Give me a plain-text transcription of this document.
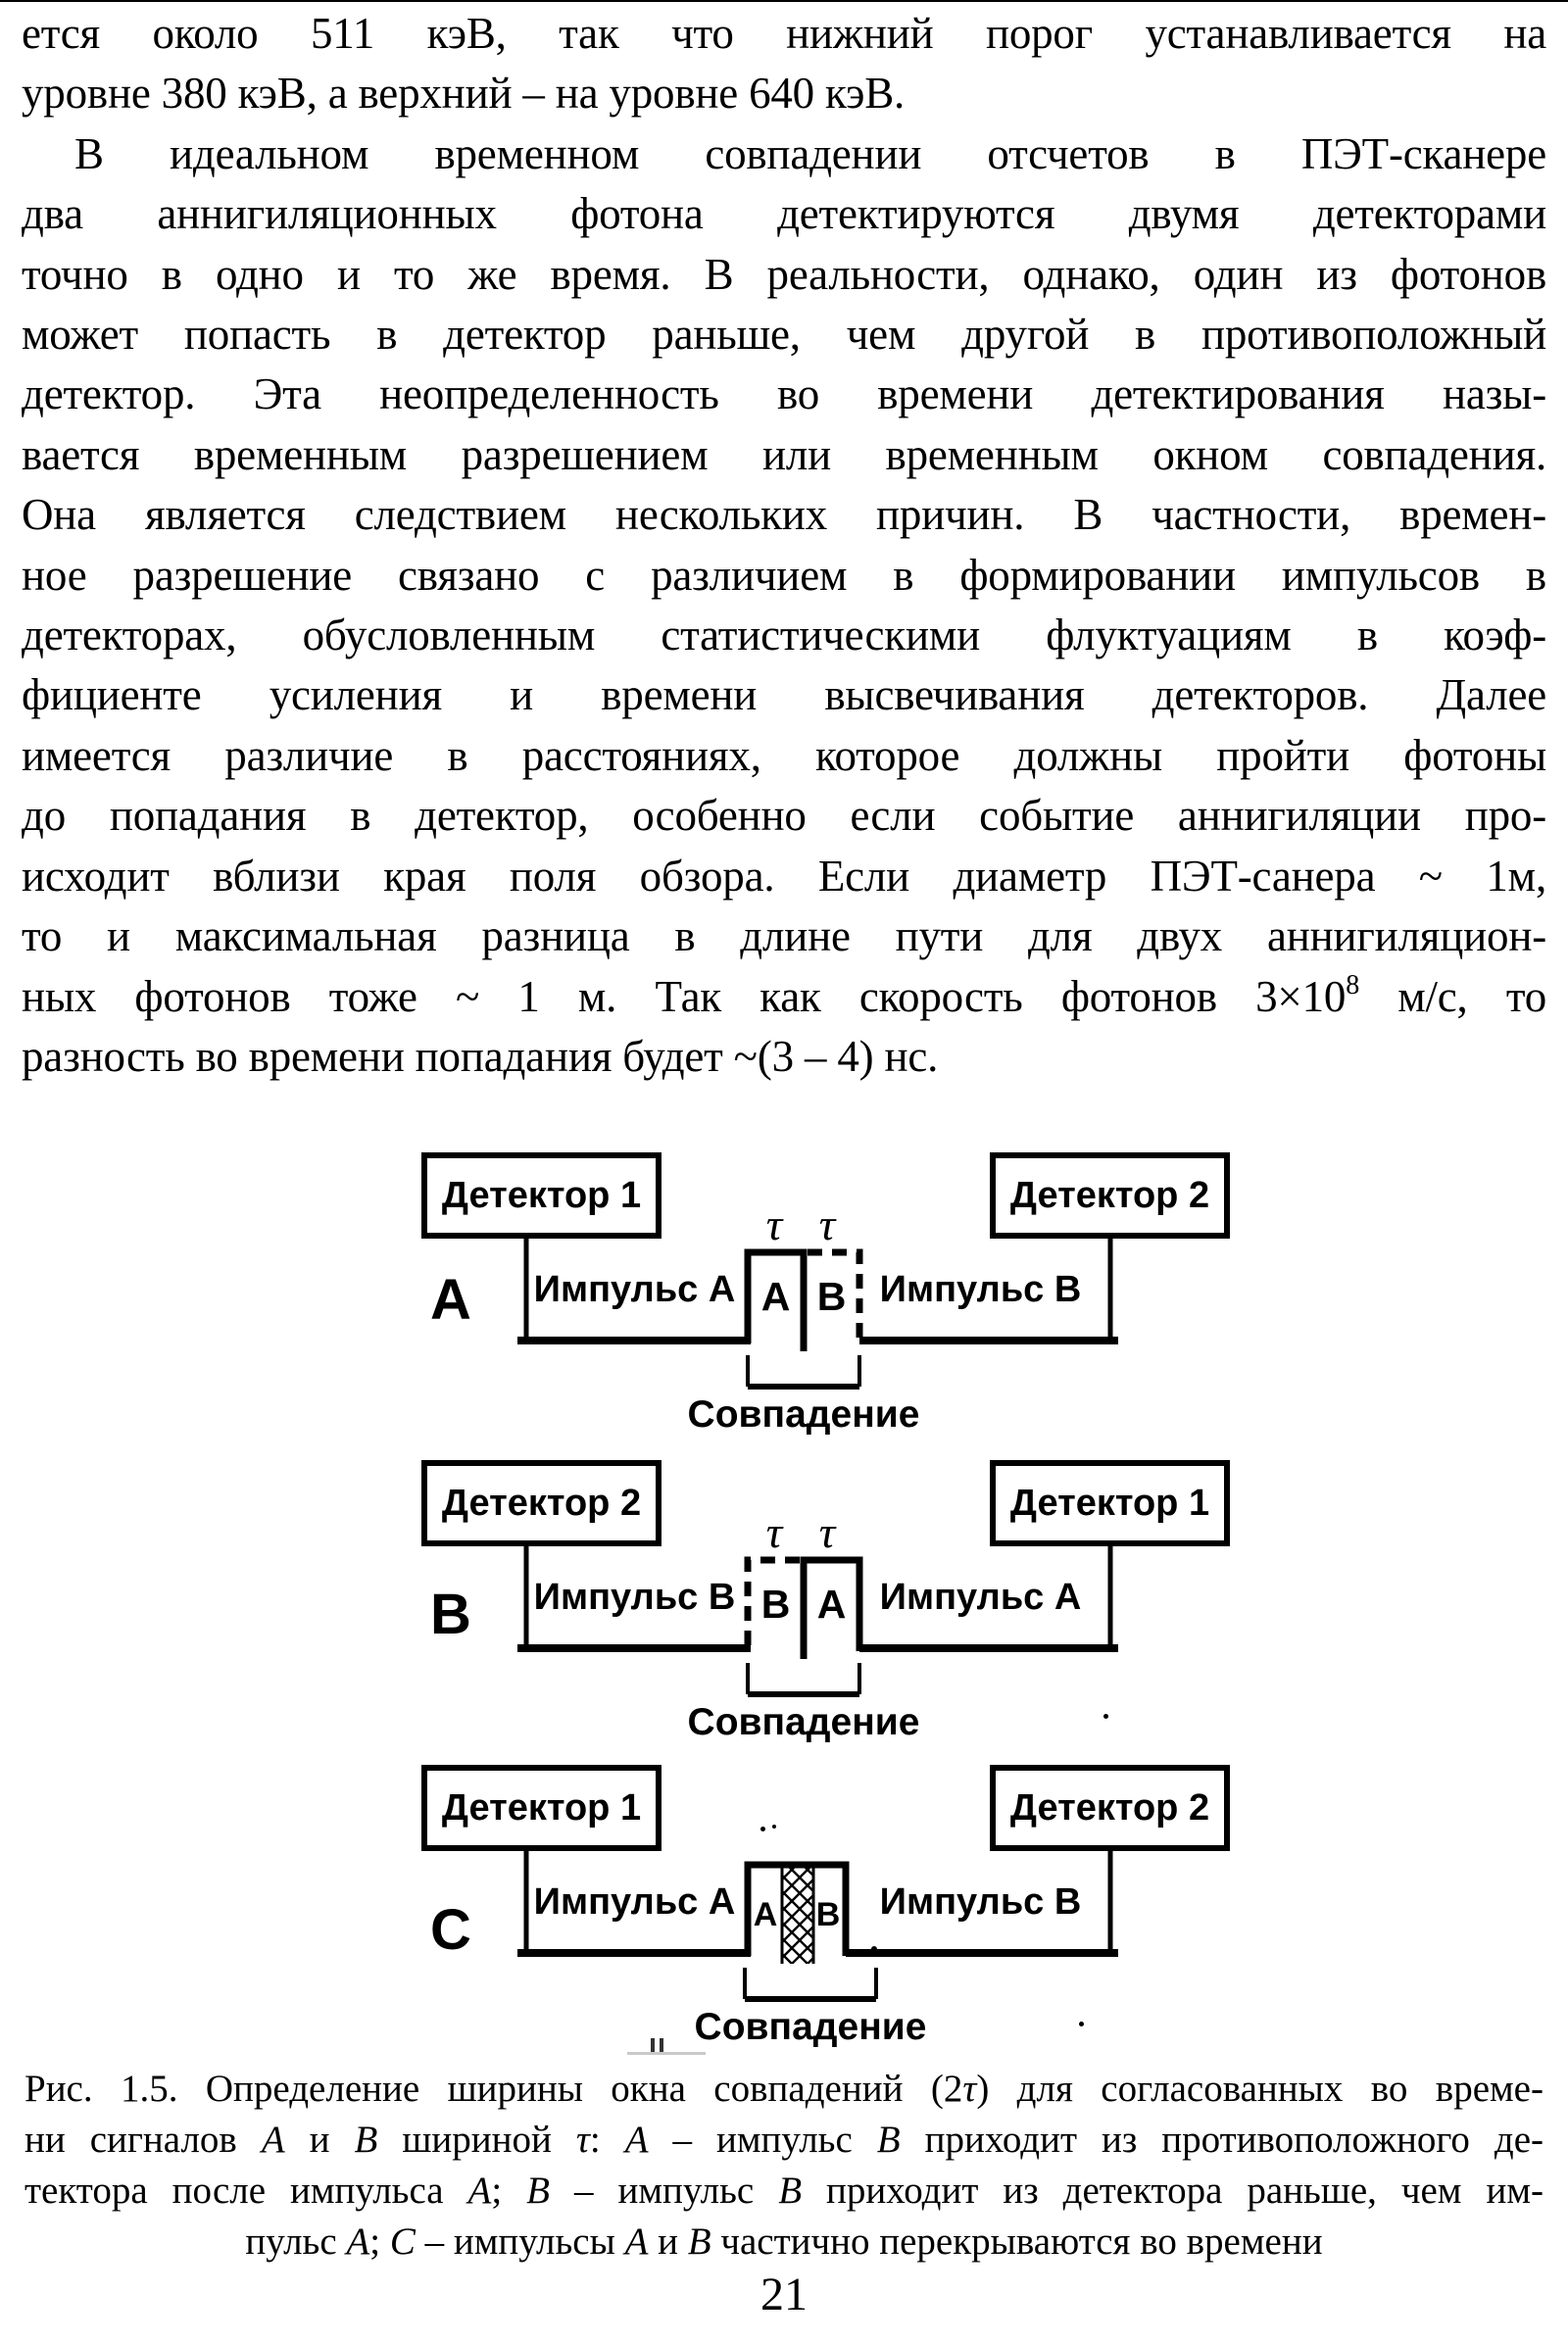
ется около 511 кэВ, так что нижний порог устанавливается на
уровне 380 кэВ, а верхний – на уровне 640 кэВ.
В идеальном временном совпадении отсчетов в ПЭТ-сканере
два аннигиляционных фотона детектируются двумя детекторами
точно в одно и то же время. В реальности, однако, один из фотонов
может попасть в детектор раньше, чем другой в противоположный
детектор. Эта неопределенность во времени детектирования назы-
вается временным разрешением или временным окном совпадения.
Она является следствием нескольких причин. В частности, времен-
ное разрешение связано с различием в формировании импульсов в
детекторах, обусловленным статистическими флуктуациям в коэф-
фициенте усиления и времени высвечивания детекторов. Далее
имеется различие в расстояниях, которое должны пройти фотоны
до попадания в детектор, особенно если событие аннигиляции про-
исходит вблизи края поля обзора. Если диаметр ПЭТ-санера ~ 1м,
то и максимальная разница в длине пути для двух аннигиляцион-
ных фотонов тоже ~ 1 м. Так как скорость фотонов $3\times 10^8$ м/с, то
разность во времени попадания будет ~(3 – 4) нс.
Детектор 1	Детектор 2
A Импульс А	Импульс В
А В
τ τ
Совпадение
Детектор 2	Детектор 1
B Импульс В	Импульс А
В А
τ τ
Совпадение
Детектор 1	Детектор 2
C Импульс А	Импульс В
А В
Совпадение
Рис. 1.5. Определение ширины окна совпадений (2τ) для согласованных во време-
ни сигналов A и B шириной τ: A – импульс B приходит из противоположного де-
тектора после импульса A; B – импульс B приходит из детектора раньше, чем им-
пульс A; C – импульсы A и B частично перекрываются во времени
21
